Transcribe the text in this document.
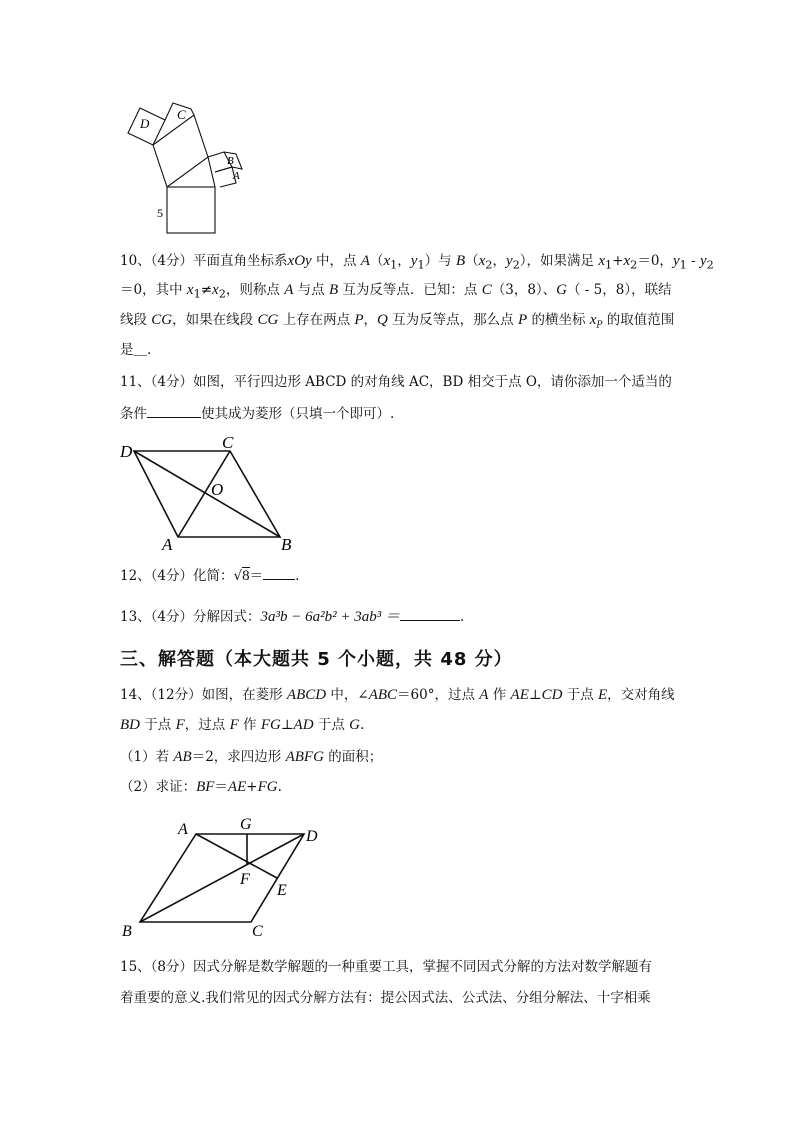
D
C
B
A
5
10、（4分）平面直角坐标系xOy 中，点 $A(x_1$，$y_1$）与 $B(x_2$，$y_2$），如果满足 $x_1+x_2=0$，$y_1 - y_2$
＝0，其中 $x_1\ne x_2$，则称点 A 与点 B 互为反等点．已知：点 C（3，8）、G（ - 5，8），联结
线段 CG，如果在线段 CG 上存在两点 P，Q 互为反等点，那么点 P 的横坐标 $x_P$ 的取值范围
是＿.
11、（4分）如图，平行四边形 ABCD 的对角线 AC，BD 相交于点 O，请你添加一个适当的
条件	使其成为菱形（只填一个即可）.
D	C
O
A	B
12、（4分）化简：√8＝ .
13、（4分）分解因式：3a³b − 6a²b² + 3ab³ ＝	.
三、解答题（本大题共 5 个小题，共 48 分）
14、（12分）如图，在菱形 ABCD 中，∠ABC＝60°，过点 A 作 AE⊥CD 于点 E，交对角线
BD 于点 F，过点 F 作 FG⊥AD 于点 G.
（1）若 AB＝2，求四边形 ABFG 的面积；
（2）求证：BF＝AE+FG.
A	G
D
F
E
B	C
15、（8分）因式分解是数学解题的一种重要工具，掌握不同因式分解的方法对数学解题有
着重要的意义.我们常见的因式分解方法有：提公因式法、公式法、分组分解法、十字相乘
